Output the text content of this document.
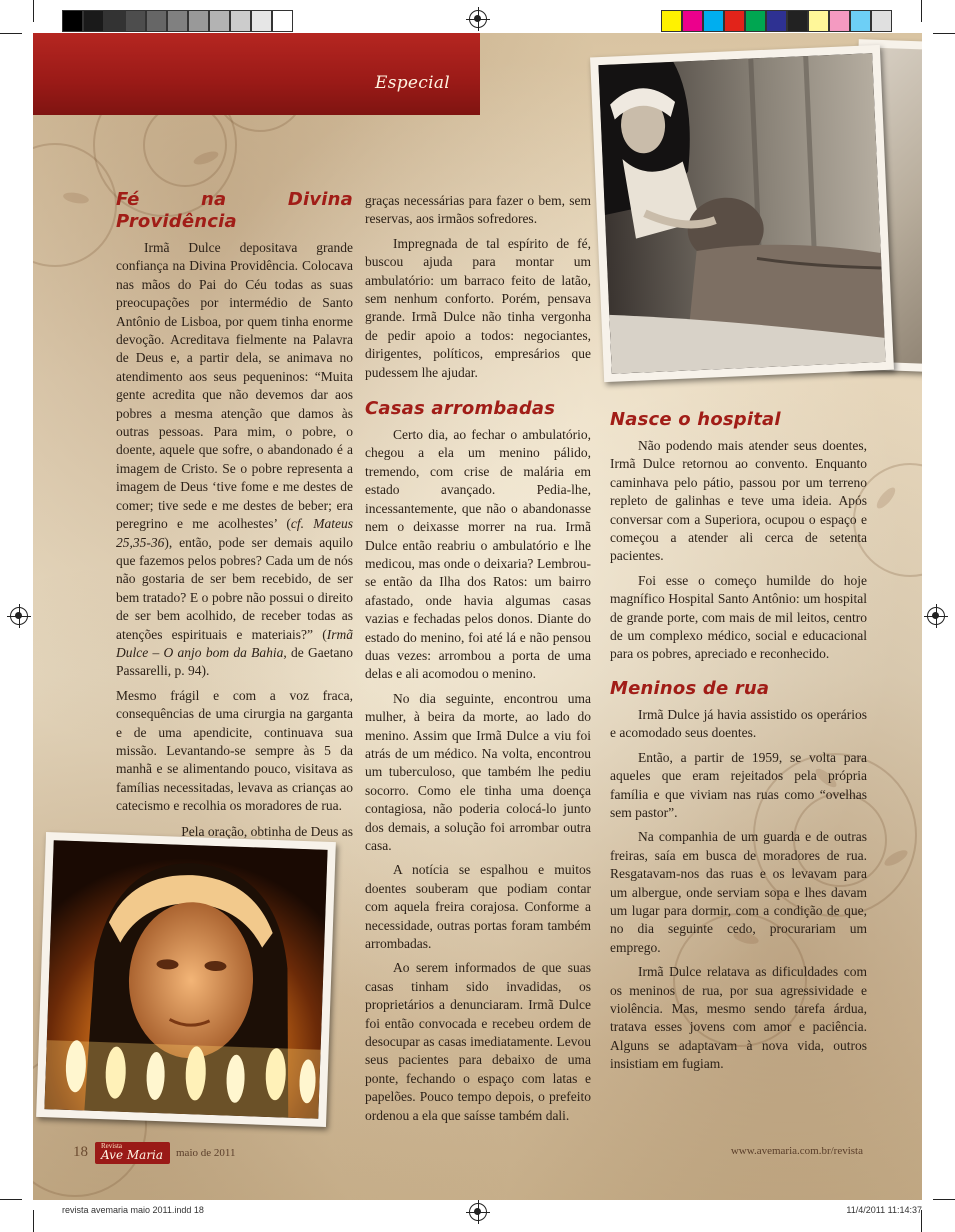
Especial
Fé na Divina Providência

Irmã Dulce depositava grande confiança na Divina Providência. Colocava nas mãos do Pai do Céu todas as suas preocupações por intermédio de Santo Antônio de Lisboa, por quem tinha enorme devoção. Acreditava fielmente na Palavra de Deus e, a partir dela, se animava no atendimento aos seus pequeninos: “Muita gente acredita que não devemos dar aos pobres a mesma atenção que damos às outras pessoas. Para mim, o pobre, o doente, aquele que sofre, o abandonado é a imagem de Cristo. Se o pobre representa a imagem de Deus ‘tive fome e me destes de comer; tive sede e me destes de beber; era peregrino e me acolhestes’ (cf. Mateus 25,35-36), então, pode ser demais aquilo que fazemos pelos pobres? Cada um de nós não gostaria de ser bem recebido, de ser bem tratado? E o pobre não possui o direito de ser bem acolhido, de receber todas as atenções espirituais e materiais?” (Irmã Dulce – O anjo bom da Bahia, de Gaetano Passarelli, p. 94).

Mesmo frágil e com a voz fraca, consequências de uma cirurgia na garganta e de uma apendicite, continuava sua missão. Levantando-se sempre às 5 da manhã e se alimentando pouco, visitava as famílias necessitadas, levava as crianças ao catecismo e recolhia os moradores de rua.

Pela oração, obtinha de Deus as

graças necessárias para fazer o bem, sem reservas, aos irmãos sofredores.

Impregnada de tal espírito de fé, buscou ajuda para montar um ambulatório: um barraco feito de latão, sem nenhum conforto. Porém, pensava grande. Irmã Dulce não tinha vergonha de pedir apoio a todos: negociantes, dirigentes, políticos, empresários que pudessem lhe ajudar.

Casas arrombadas

Certo dia, ao fechar o ambulatório, chegou a ela um menino pálido, tremendo, com crise de malária em estado avançado. Pedia-lhe, incessantemente, que não o abandonasse nem o deixasse morrer na rua. Irmã Dulce então reabriu o ambulatório e lhe medicou, mas onde o deixaria? Lembrou-se então da Ilha dos Ratos: um bairro afastado, onde havia algumas casas vazias e fechadas pelos donos. Diante do estado do menino, foi até lá e não pensou duas vezes: arrombou a porta de uma delas e ali acomodou o menino.

No dia seguinte, encontrou uma mulher, à beira da morte, ao lado do menino. Assim que Irmã Dulce a viu foi atrás de um médico. Na volta, encontrou um tuberculoso, que também lhe pediu socorro. Como ele tinha uma doença contagiosa, não poderia colocá-lo junto dos demais, a solução foi arrombar outra casa.

A notícia se espalhou e muitos doentes souberam que podiam contar com aquela freira corajosa. Conforme a necessidade, outras portas foram também arrombadas.

Ao serem informados de que suas casas tinham sido invadidas, os proprietários a denunciaram. Irmã Dulce foi então convocada e recebeu ordem de desocupar as casas imediatamente. Levou seus pacientes para debaixo de uma ponte, fechando o espaço com latas e papelões. Pouco tempo depois, o prefeito ordenou a ela que saísse também dali.

Nasce o hospital

Não podendo mais atender seus doentes, Irmã Dulce retornou ao convento. Enquanto caminhava pelo pátio, passou por um terreno repleto de galinhas e teve uma ideia. Após conversar com a Superiora, ocupou o espaço e começou a atender ali cerca de setenta pacientes.

Foi esse o começo humilde do hoje magnífico Hospital Santo Antônio: um hospital de grande porte, com mais de mil leitos, centro de um complexo médico, social e educacional para os pobres, apreciado e reconhecido.

Meninos de rua

Irmã Dulce já havia assistido os operários e acomodado seus doentes.

Então, a partir de 1959, se volta para aqueles que eram rejeitados pela própria família e que viviam nas ruas como “ovelhas sem pastor”.

Na companhia de um guarda e de outras freiras, saía em busca de moradores de rua. Resgatavam-nos das ruas e os levavam para um albergue, onde serviam sopa e lhes davam um lugar para dormir, com a condição de que, no dia seguinte cedo, procurariam um emprego.

Irmã Dulce relatava as dificuldades com os meninos de rua, por sua agressividade e violência. Mas, mesmo sendo tarefa árdua, tratava esses jovens com amor e paciência. Alguns se adaptavam à nova vida, outros insistiam em fugiam.

18 Revista
Ave Maria maio de 2011	www.avemaria.com.br/revista
revista avemaria maio 2011.indd 18	11/4/2011 11:14:37
